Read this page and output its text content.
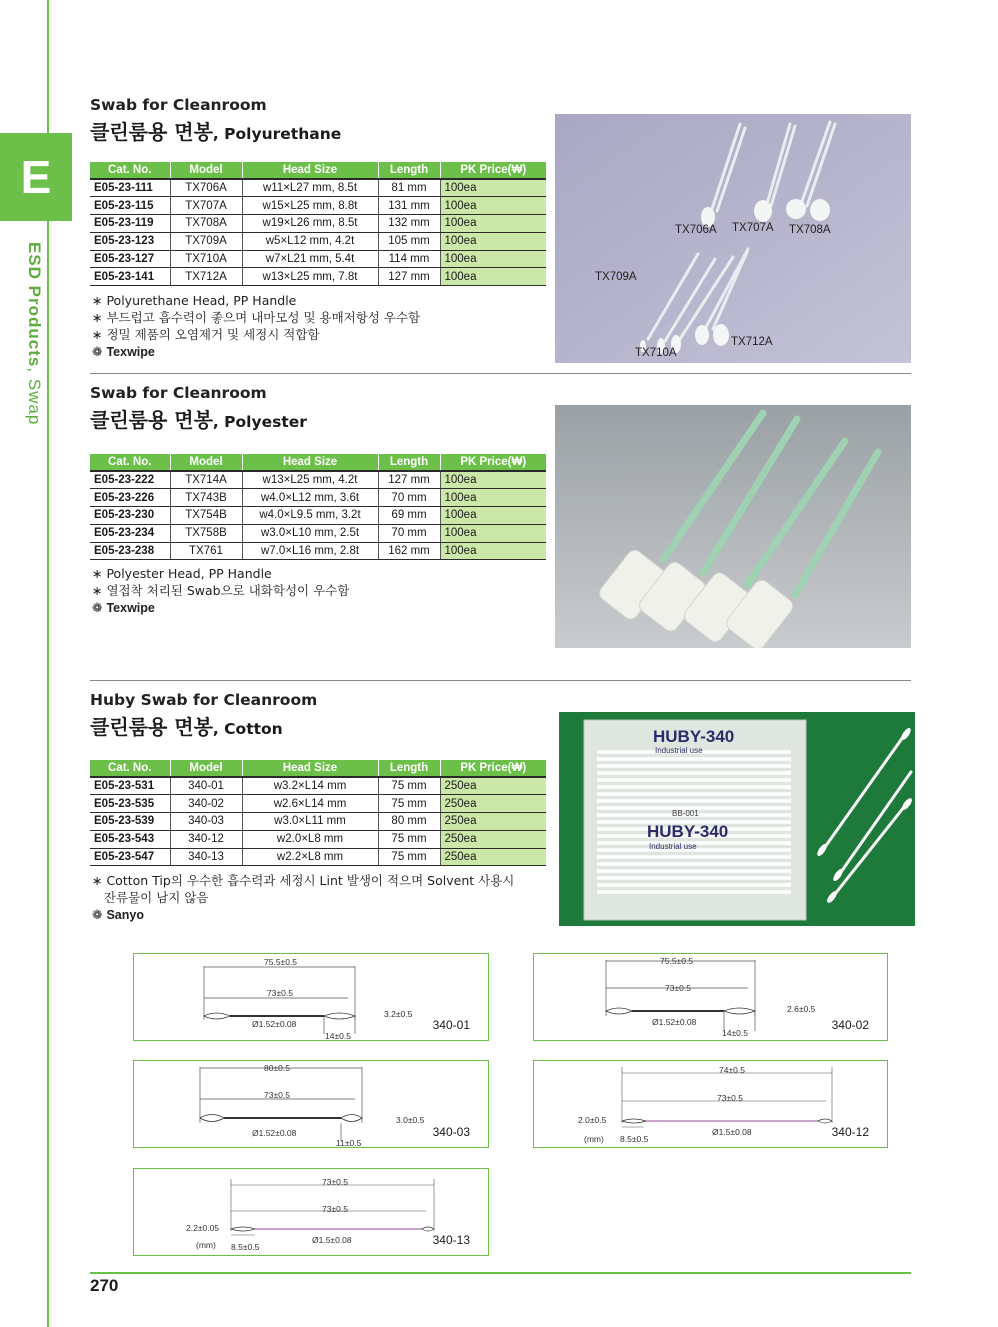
E
ESD Products, Swap
Swab for Cleanroom
클린룸용 면봉, Polyurethane
Cat. No.	Model	Head Size	Length	PK Price(₩)
E05-23-111	TX706A	w11×L27 mm, 8.5t	81 mm	100ea
E05-23-115	TX707A	w15×L25 mm, 8.8t	131 mm	100ea
E05-23-119	TX708A	w19×L26 mm, 8.5t	132 mm	100ea
E05-23-123	TX709A	w5×L12 mm, 4.2t	105 mm	100ea
E05-23-127	TX710A	w7×L21 mm, 5.4t	114 mm	100ea
E05-23-141	TX712A	w13×L25 mm, 7.8t	127 mm	100ea
∗ Polyurethane Head, PP Handle
∗ 부드럽고 흡수력이 좋으며 내마모성 및 용매저항성 우수함
∗ 정밀 제품의 오염제거 및 세정시 적합함
❁ Texwipe
TX706A TX707A TX708A
TX709A
TX710A
TX712A
Swab for Cleanroom
클린룸용 면봉, Polyester
Cat. No.	Model	Head Size	Length	PK Price(₩)
E05-23-222	TX714A	w13×L25 mm, 4.2t	127 mm	100ea
E05-23-226	TX743B	w4.0×L12 mm, 3.6t	70 mm	100ea
E05-23-230	TX754B	w4.0×L9.5 mm, 3.2t	69 mm	100ea
E05-23-234	TX758B	w3.0×L10 mm, 2.5t	70 mm	100ea
E05-23-238	TX761	w7.0×L16 mm, 2.8t	162 mm	100ea
∗ Polyester Head, PP Handle
∗ 열접착 처리된 Swab으로 내화학성이 우수함
❁ Texwipe
Huby Swab for Cleanroom
클린룸용 면봉, Cotton
Cat. No.	Model	Head Size	Length	PK Price(₩)
E05-23-531	340-01	w3.2×L14 mm	75 mm	250ea
E05-23-535	340-02	w2.6×L14 mm	75 mm	250ea
E05-23-539	340-03	w3.0×L11 mm	80 mm	250ea
E05-23-543	340-12	w2.0×L8 mm	75 mm	250ea
E05-23-547	340-13	w2.2×L8 mm	75 mm	250ea
∗ Cotton Tip의 우수한 흡수력과 세정시 Lint 발생이 적으며 Solvent 사용시
잔류물이 남지 않음
❁ Sanyo
HUBY-340
Industrial use
BB-001
HUBY-340
Industrial use
75.5±0.5
73±0.5
3.2±0.5
Ø1.52±0.08
14±0.5
340-01
75.5±0.5
73±0.5
2.6±0.5
Ø1.52±0.08
14±0.5
340-02
80±0.5
73±0.5
3.0±0.5
Ø1.52±0.08
11±0.5
340-03
74±0.5
73±0.5
2.0±0.5
8.5±0.5
Ø1.5±0.08
(mm)	340-12
73±0.5
73±0.5
2.2±0.05
8.5±0.5
Ø1.5±0.08
(mm)	340-13
270
